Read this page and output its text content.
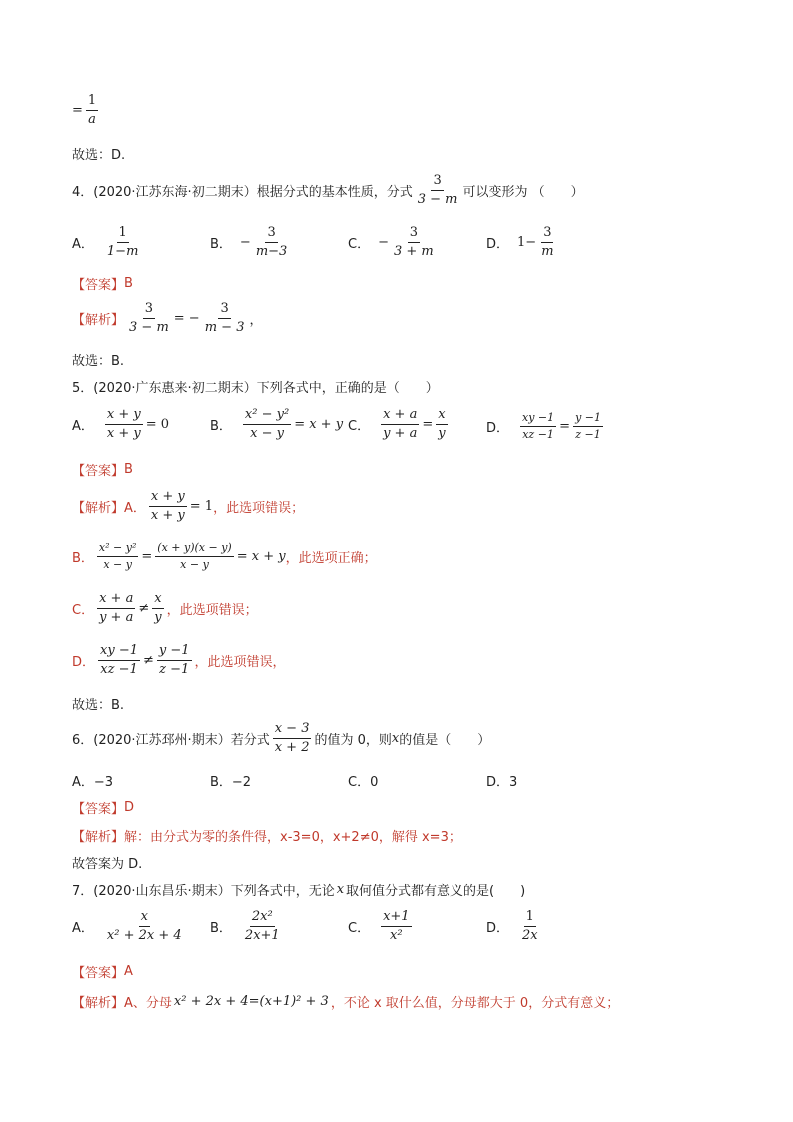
= $\frac{1}{a}$
故选：D.
4．(2020·江苏东海·初二期末）根据分式的基本性质，分式 $\frac{3}{3 - m}$ 可以变形为 （　　）
A． $\frac{1}{1-m}$	B． − $\frac{3}{m-3}$	C． − $\frac{3}{3 + m}$	D． $1- \frac{3}{m}$
【答案】 B
【解析】 $\frac{3}{3 - m}$ = − $\frac{3}{m - 3}$ ，
故选：B.
5．(2020·广东惠来·初二期末）下列各式中，正确的是（　　）
A． $\frac{x + y}{x + y} = 0$	B． $\frac{\text{x² − y²}}{x - y} = x + y$ C． $\frac{x + a}{y + a} = \frac{x}{y}$	D． $\frac{xy -1}{xz -1} = \frac{y -1}{z -1}$
【答案】 B
【解析】 A． $\frac{x + y}{x + y} = 1$ ，此选项错误；
B． $\frac{\text{x² − y²}}{x - y} = \frac{(x + y)(x - y)}{x - y} = x + y$ ，此选项正确；
C． $\frac{x + a}{y + a} \ne \frac{x}{y}$ ，此选项错误；
D． $\frac{xy -1}{xz -1} \ne \frac{y -1}{z -1}$ ，此选项错误，
故选：B.
6．(2020·江苏邳州·期末）若分式 $\frac{x - 3}{x + 2}$ 的值为 0，则 x 的值是（　　）
A．−3	B．−2	C．0	D．3
【答案】 D
【解析】 解：由分式为零的条件得，x-3=0，x+2≠0，解得 x=3；
故答案为 D.
7．(2020·山东昌乐·期末）下列各式中，无论 x 取何值分式都有意义的是(　　)
A． $\frac{x}{\text{x² + 2x + 4}}$ B． $\frac{\text{2x²}}{2x+1}$	C． $\frac{x+1}{\text{x²}}$	D． $\frac{1}{2x}$
【答案】 A
【解析】 A、分母 x² + 2x + 4=(x+1)² + 3 ，不论 x 取什么值，分母都大于 0，分式有意义；
